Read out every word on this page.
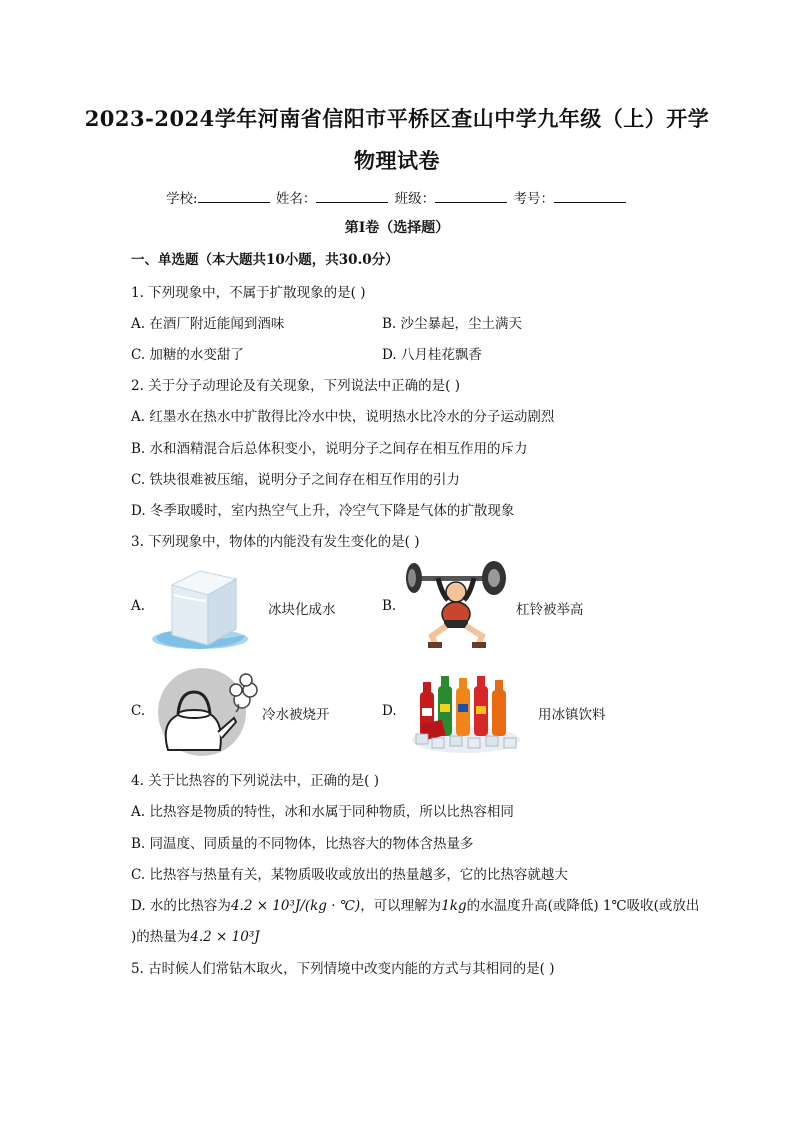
2023-2024学年河南省信阳市平桥区查山中学九年级（上）开学
物理试卷
学校:	姓名：	班级：	考号：
第I卷（选择题）
一、单选题（本大题共10小题，共30.0分）
1. 下列现象中，不属于扩散现象的是( )
A. 在酒厂附近能闻到酒味	B. 沙尘暴起，尘土满天
C. 加糖的水变甜了	D. 八月桂花飘香
2. 关于分子动理论及有关现象，下列说法中正确的是( )
A. 红墨水在热水中扩散得比冷水中快，说明热水比冷水的分子运动剧烈
B. 水和酒精混合后总体积变小，说明分子之间存在相互作用的斥力
C. 铁块很难被压缩，说明分子之间存在相互作用的引力
D. 冬季取暖时，室内热空气上升，冷空气下降是气体的扩散现象
3. 下列现象中，物体的内能没有发生变化的是( )
A.	冰块化成水	B.	杠铃被举高
C.	冷水被烧开	D.	用冰镇饮料
4. 关于比热容的下列说法中，正确的是( )
A. 比热容是物质的特性，冰和水属于同种物质，所以比热容相同
B. 同温度、同质量的不同物体，比热容大的物体含热量多
C. 比热容与热量有关，某物质吸收或放出的热量越多，它的比热容就越大
D. 水的比热容为4.2 × 10³J/(kg · ℃)，可以理解为1kg的水温度升高(或降低) 1℃吸收(或放出
)的热量为4.2 × 10³J
5. 古时候人们常钻木取火，下列情境中改变内能的方式与其相同的是( )
